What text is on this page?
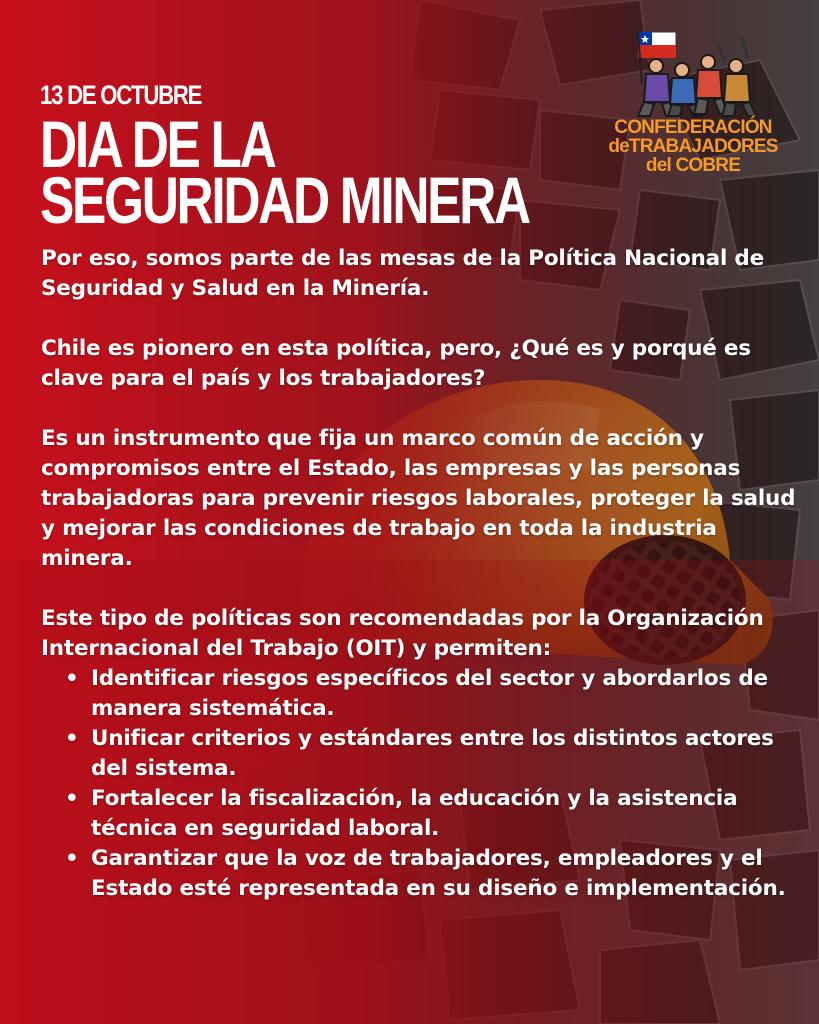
13 DE OCTUBRE
DIA DE LA
SEGURIDAD MINERA
CONFEDERACIÓN
deTRABAJADORES
del COBRE

Por eso, somos parte de las mesas de la Política Nacional de Seguridad y Salud en la Minería.

Chile es pionero en esta política, pero, ¿Qué es y porqué es clave para el país y los trabajadores?

Es un instrumento que fija un marco común de acción y compromisos entre el Estado, las empresas y las personas trabajadoras para prevenir riesgos laborales, proteger la salud y mejorar las condiciones de trabajo en toda la industria minera.

Este tipo de políticas son recomendadas por la Organización Internacional del Trabajo (OIT) y permiten:

• Identificar riesgos específicos del sector y abordarlos de manera sistemática.
• Unificar criterios y estándares entre los distintos actores del sistema.
• Fortalecer la fiscalización, la educación y la asistencia técnica en seguridad laboral.
• Garantizar que la voz de trabajadores, empleadores y el Estado esté representada en su diseño e implementación.
